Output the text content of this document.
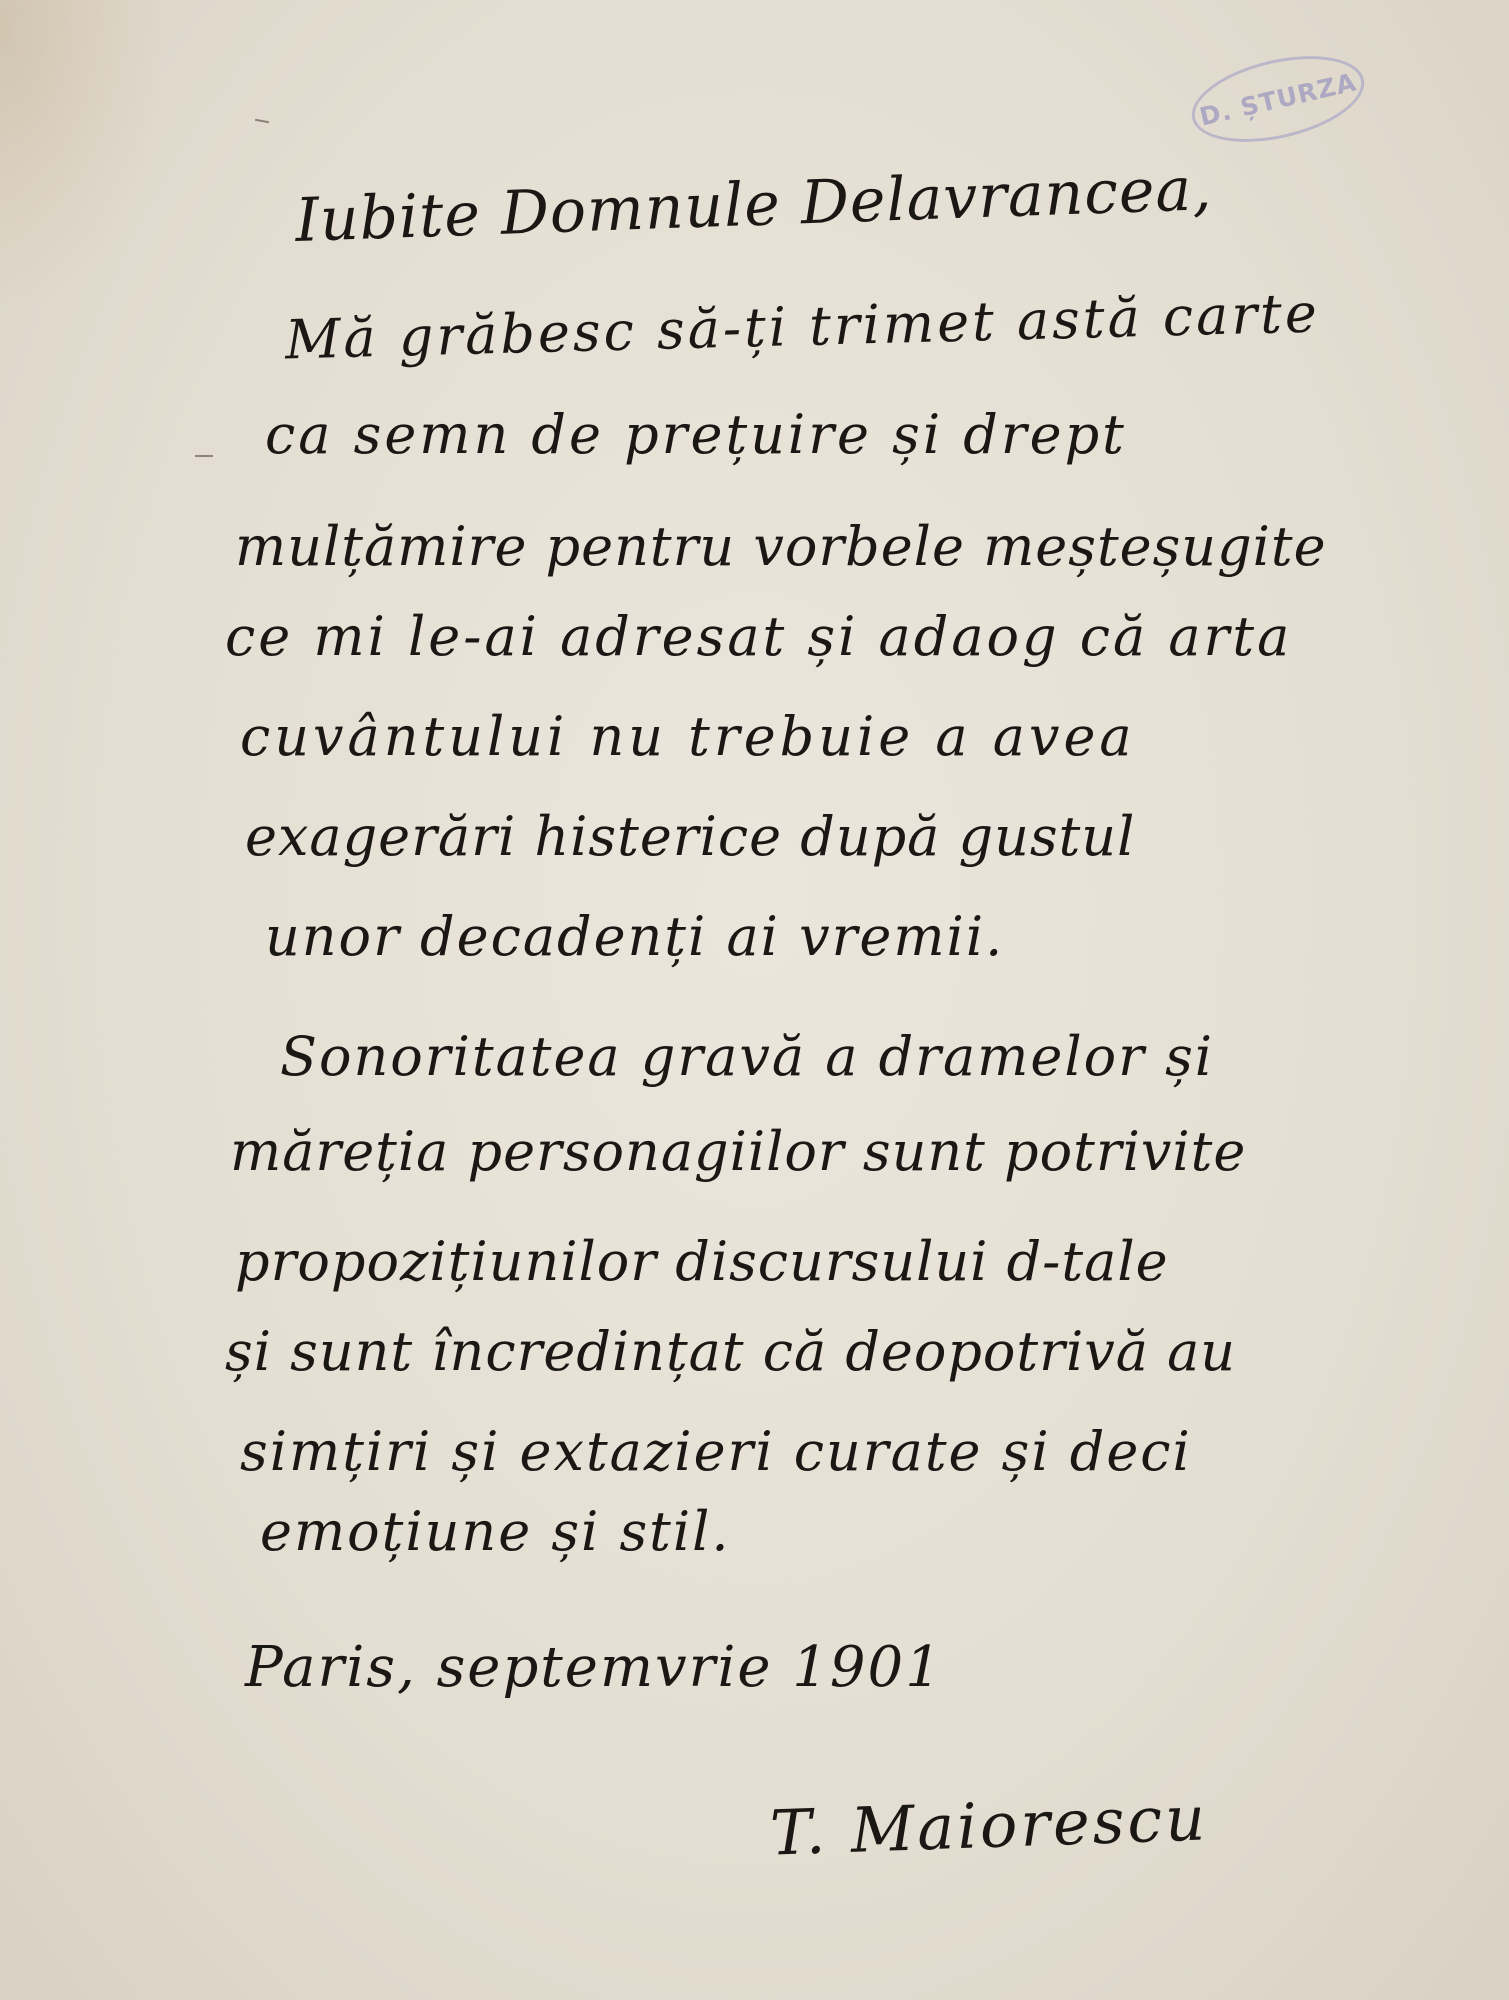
D. ȘTURZA
Iubite Domnule Delavrancea,
Mă grăbesc să-ți trimet astă carte
ca semn de prețuire și drept
mulțămire pentru vorbele meșteșugite
ce mi le-ai adresat și adaog că arta
cuvântului nu trebuie a avea
exagerări histerice după gustul
unor decadenți ai vremii.
Sonoritatea gravă a dramelor și
măreția personagiilor sunt potrivite
propozițiunilor discursului d-tale
și sunt încredințat că deopotrivă au
simțiri și extazieri curate și deci
emoțiune și stil.
Paris, septemvrie 1901
T. Maiorescu
